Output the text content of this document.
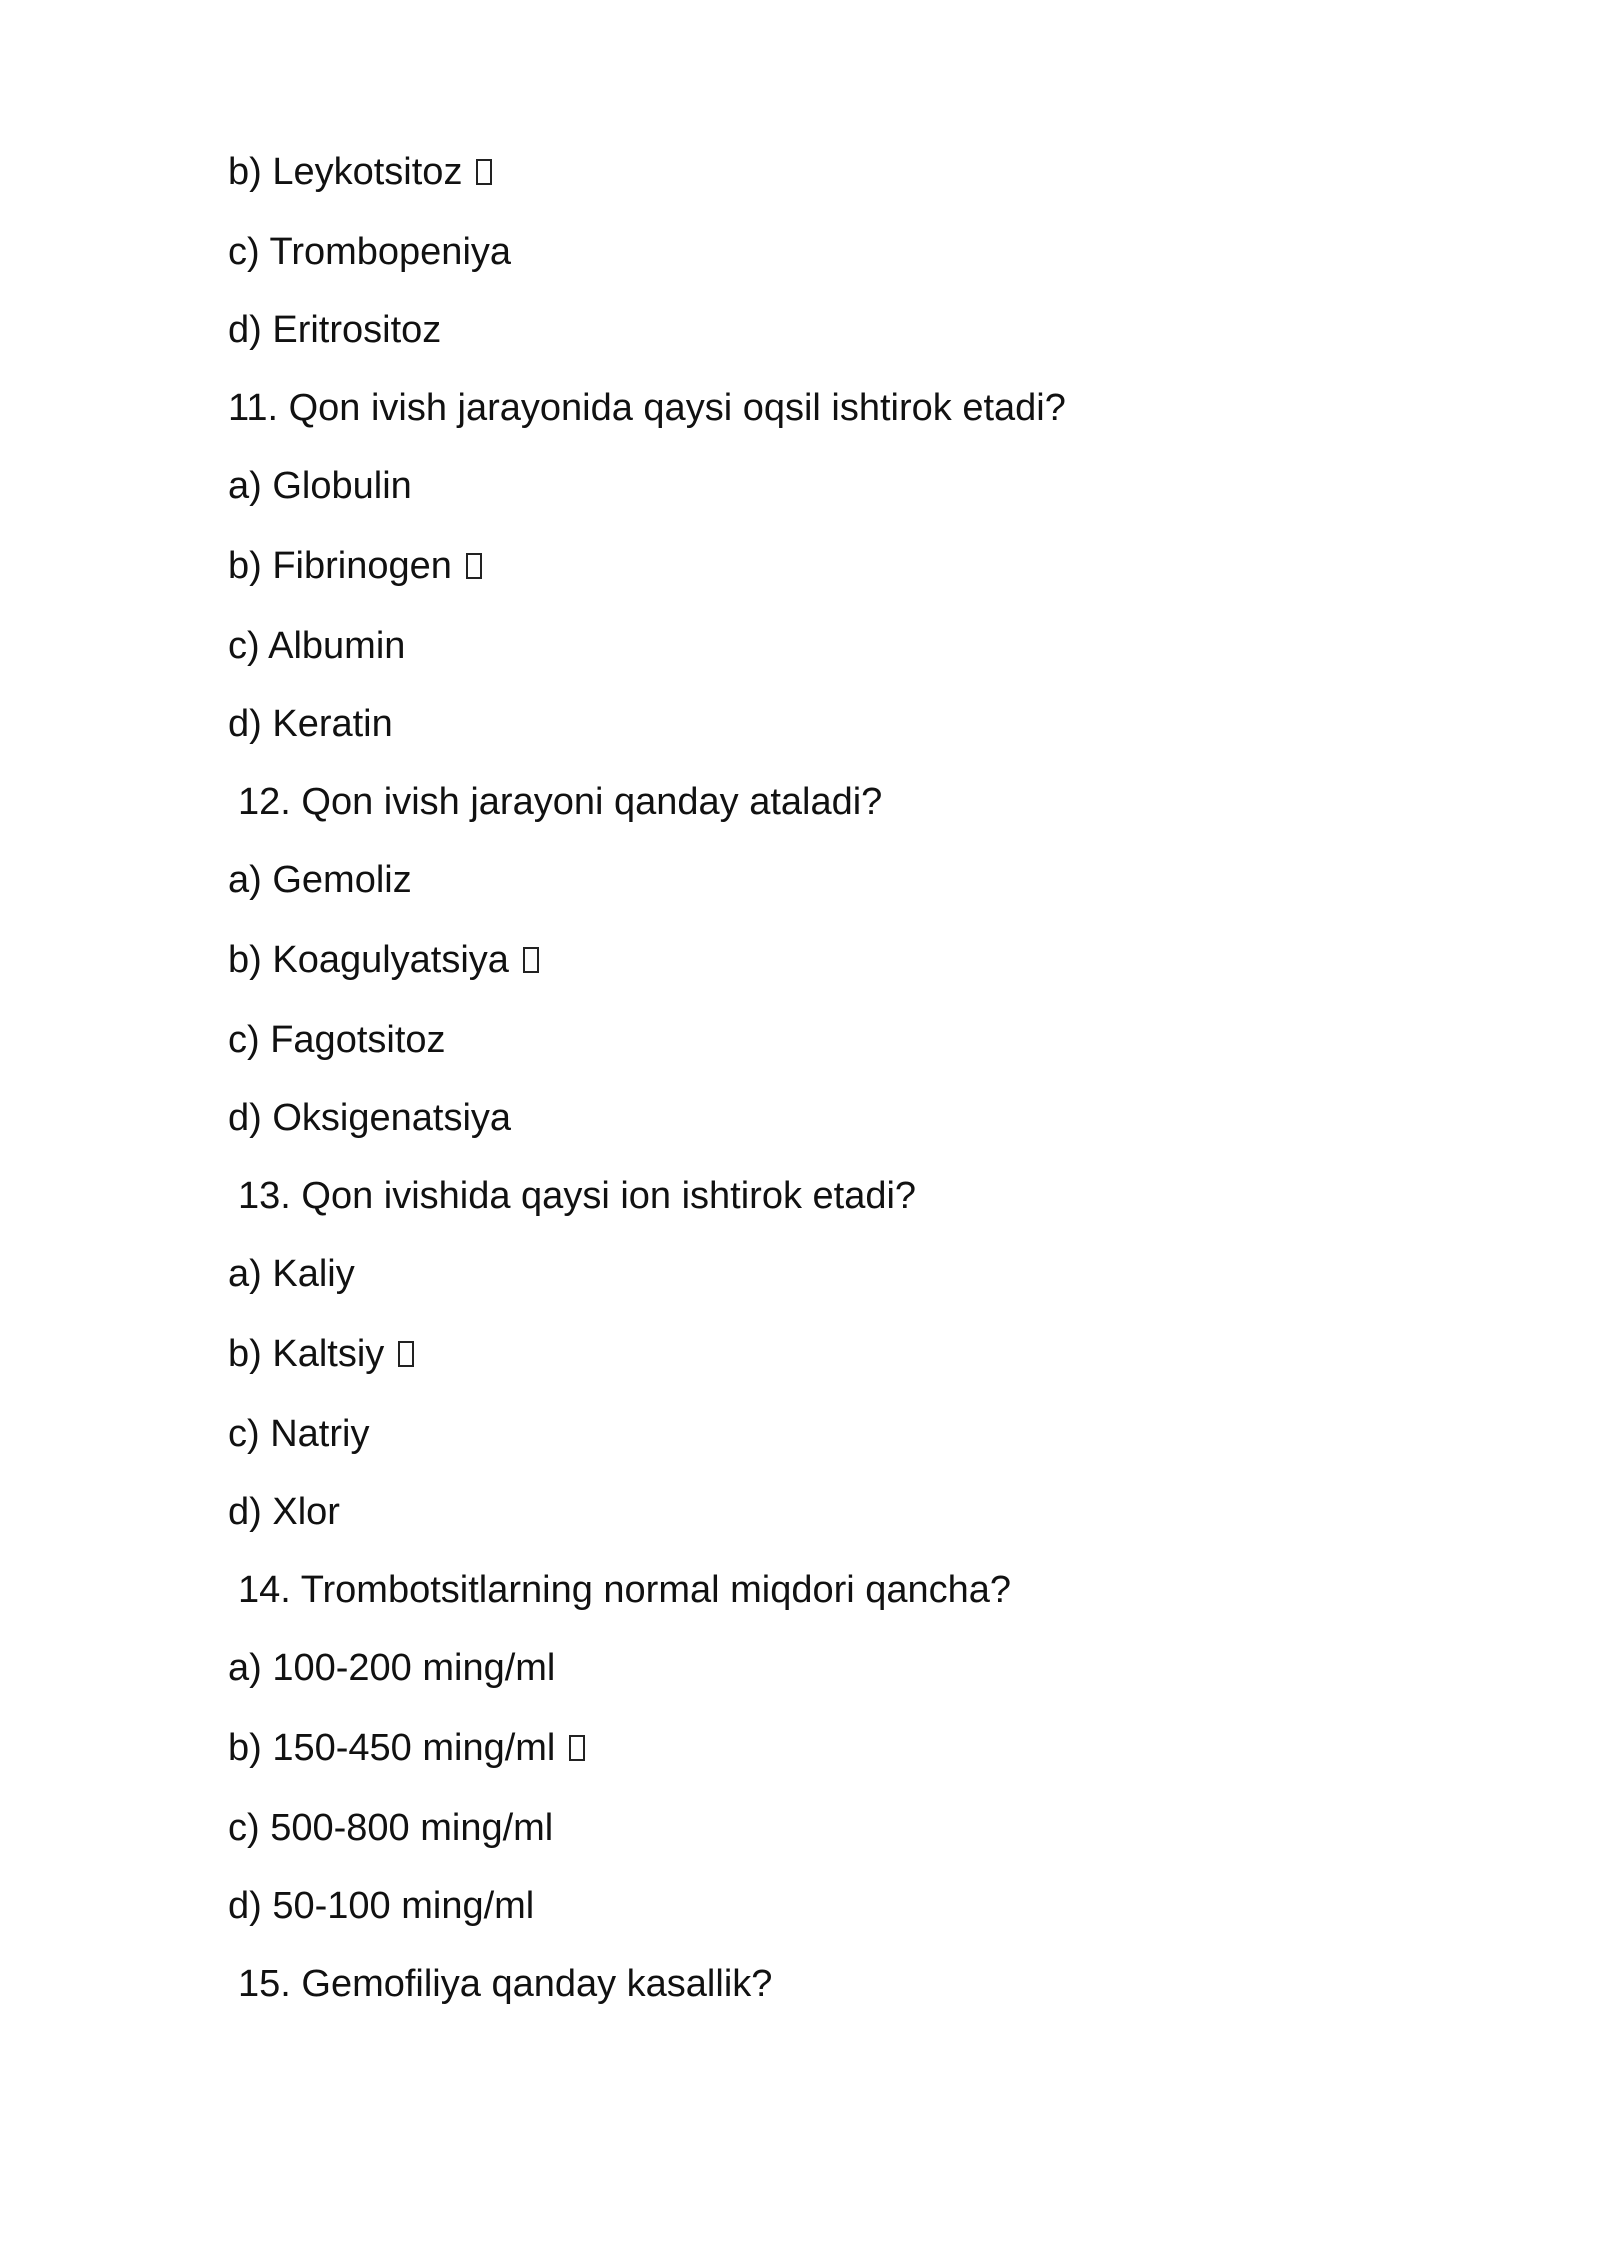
b) Leykotsitoz
c) Trombopeniya
d) Eritrositoz
11. Qon ivish jarayonida qaysi oqsil ishtirok etadi?
a) Globulin
b) Fibrinogen
c) Albumin
d) Keratin
12. Qon ivish jarayoni qanday ataladi?
a) Gemoliz
b) Koagulyatsiya
c) Fagotsitoz
d) Oksigenatsiya
13. Qon ivishida qaysi ion ishtirok etadi?
a) Kaliy
b) Kaltsiy
c) Natriy
d) Xlor
14. Trombotsitlarning normal miqdori qancha?
a) 100-200 ming/ml
b) 150-450 ming/ml
c) 500-800 ming/ml
d) 50-100 ming/ml
15. Gemofiliya qanday kasallik?
